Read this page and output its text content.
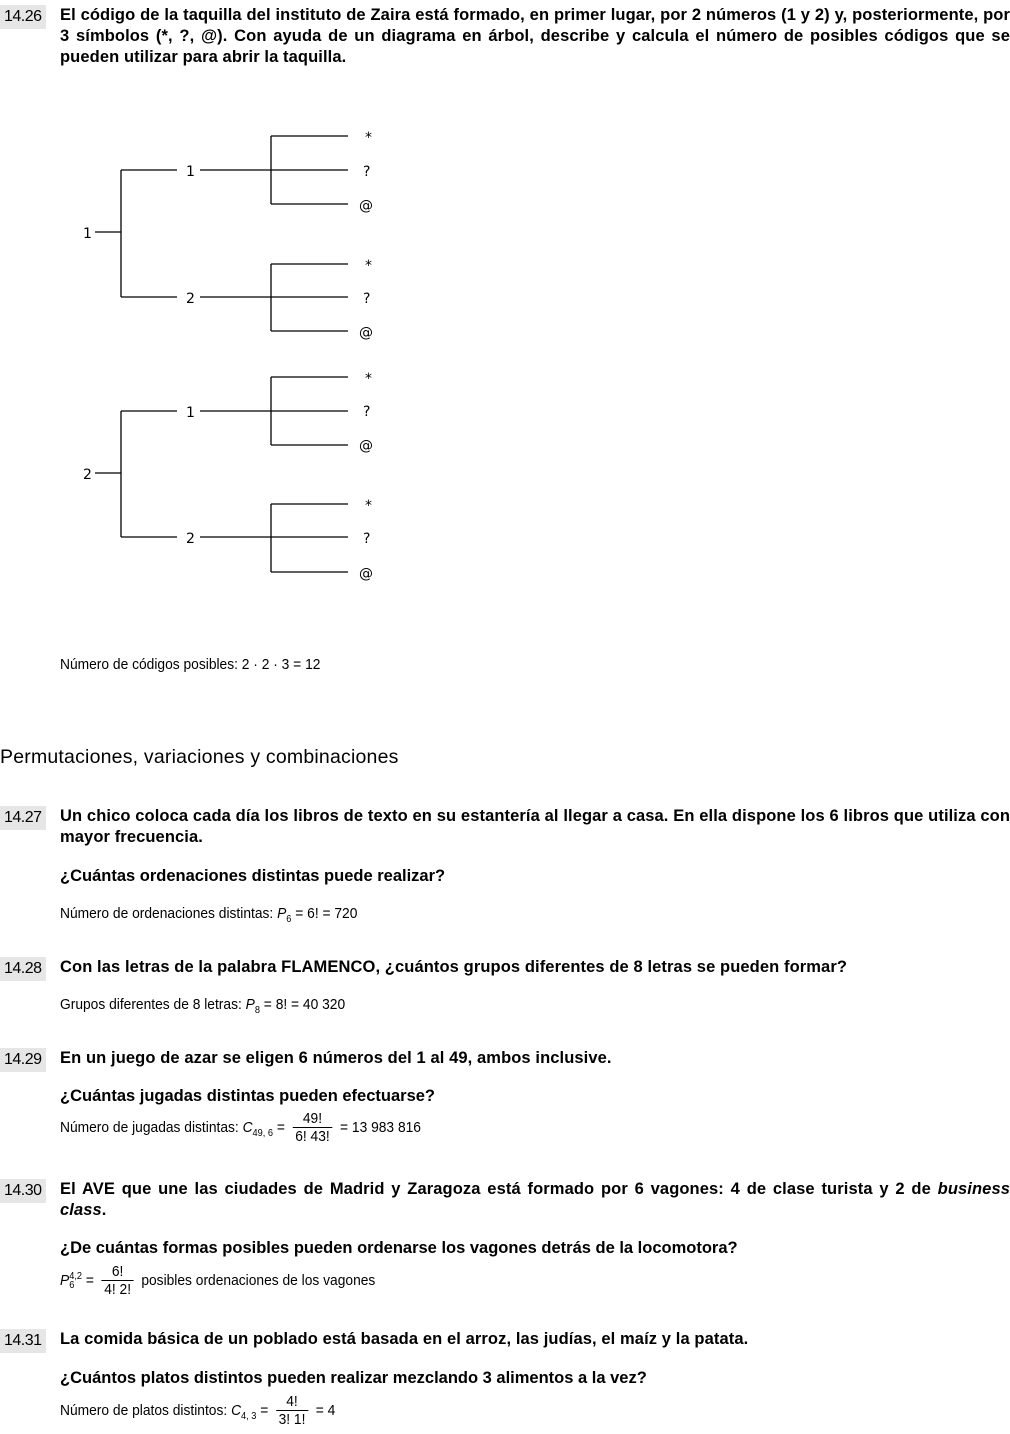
14.26 El código de la taquilla del instituto de Zaira está formado, en primer lugar, por 2 números (1 y 2) y, posteriormente, por 3 símbolos (*, ?, @). Con ayuda de un diagrama en árbol, describe y calcula el número de posibles códigos que se pueden utilizar para abrir la taquilla.
1
1
2
*
?
@
*
?
@
2
1
2
*
?
@
*
?
@
Número de códigos posibles: 2 · 2 · 3 = 12
Permutaciones, variaciones y combinaciones
14.27 Un chico coloca cada día los libros de texto en su estantería al llegar a casa. En ella dispone los 6 libros que utiliza con mayor frecuencia.
¿Cuántas ordenaciones distintas puede realizar?
Número de ordenaciones distintas: $P_6 = 6$! = 720
14.28 Con las letras de la palabra FLAMENCO, ¿cuántos grupos diferentes de 8 letras se pueden formar?
Grupos diferentes de 8 letras: $P_8 = 8$! = 40 320
14.29 En un juego de azar se eligen 6 números del 1 al 49, ambos inclusive.
¿Cuántas jugadas distintas pueden efectuarse?
Número de jugadas distintas: $C_{49, 6} = \frac{49!}{6! 43!} = 13$ 983 816
14.30 El AVE que une las ciudades de Madrid y Zaragoza está formado por 6 vagones: 4 de clase turista y 2 de business class.
¿De cuántas formas posibles pueden ordenarse los vagones detrás de la locomotora?
P 4,2
$6 = \frac{6!}{4! 2!}$ posibles ordenaciones de los vagones
14.31 La comida básica de un poblado está basada en el arroz, las judías, el maíz y la patata.
¿Cuántos platos distintos pueden realizar mezclando 3 alimentos a la vez?
Número de platos distintos: $C_{4, 3} = \frac{4!}{3! 1!} = 4$
